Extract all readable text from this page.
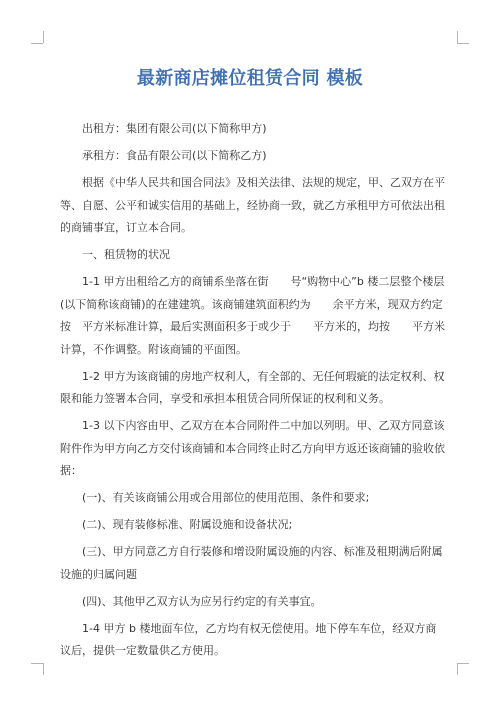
最新商店摊位租赁合同 模板

出租方：集团有限公司(以下简称甲方)

承租方：食品有限公司(以下简称乙方)

根据《中华人民共和国合同法》及相关法律、法规的规定，甲、乙双方在平等、自愿、公平和诚实信用的基础上，经协商一致，就乙方承租甲方可依法出租的商铺事宜，订立本合同。

一、租赁物的状况

1-1 甲方出租给乙方的商铺系坐落在街　　号“购物中心”b 楼二层整个楼层(以下简称该商铺)的在建建筑。该商铺建筑面积约为　　余平方米，现双方约定按　平方米标准计算，最后实测面积多于或少于　　平方米的，均按　　平方米计算，不作调整。附该商铺的平面图。

1-2 甲方为该商铺的房地产权利人，有全部的、无任何瑕疵的法定权利、权限和能力签署本合同，享受和承担本租赁合同所保证的权利和义务。

1-3 以下内容由甲、乙双方在本合同附件二中加以列明。甲、乙双方同意该附件作为甲方向乙方交付该商铺和本合同终止时乙方向甲方返还该商铺的验收依据：

(一)、有关该商铺公用或合用部位的使用范围、条件和要求;

(二)、现有装修标准、附属设施和设备状况;

(三)、甲方同意乙方自行装修和增设附属设施的内容、标准及租期满后附属设施的归属问题

(四)、其他甲乙双方认为应另行约定的有关事宜。

1-4 甲方 b 楼地面车位，乙方均有权无偿使用。地下停车车位，经双方商议后，提供一定数量供乙方使用。
